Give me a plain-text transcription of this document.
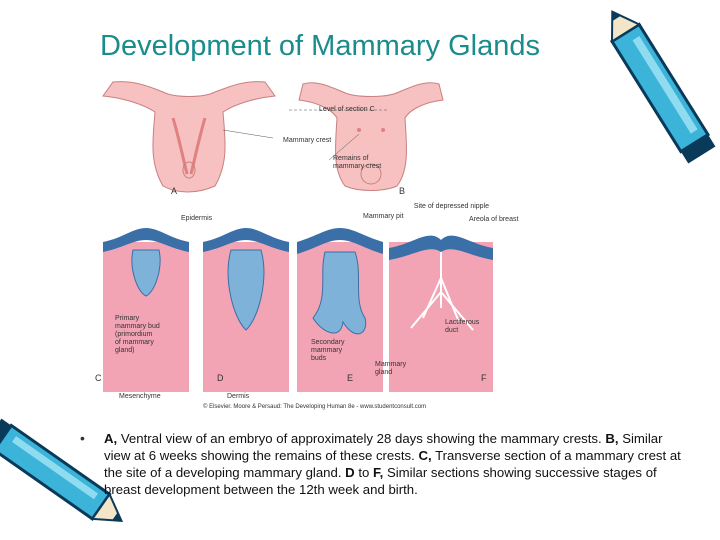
Development of Mammary Glands
Level of section C
Mammary crest
Remains of
mammary crest
A	B
Mammary pit
Site of depressed nipple
Areola of breast
Epidermis
Primary
mammary bud
(primordium
of mammary
gland)
Secondary
mammary
buds
Lactiferous
duct
Mammary
gland
C	D	E	F
Mesenchyme	Dermis
© Elsevier. Moore & Persaud: The Developing Human 8e - www.studentconsult.com
• A, Ventral view of an embryo of approximately 28 days showing the mammary crests. B, Similar view at 6 weeks showing the remains of these crests. C, Transverse section of a mammary crest at the site of a developing mammary gland. D to F, Similar sections showing successive stages of breast development between the 12th week and birth.
